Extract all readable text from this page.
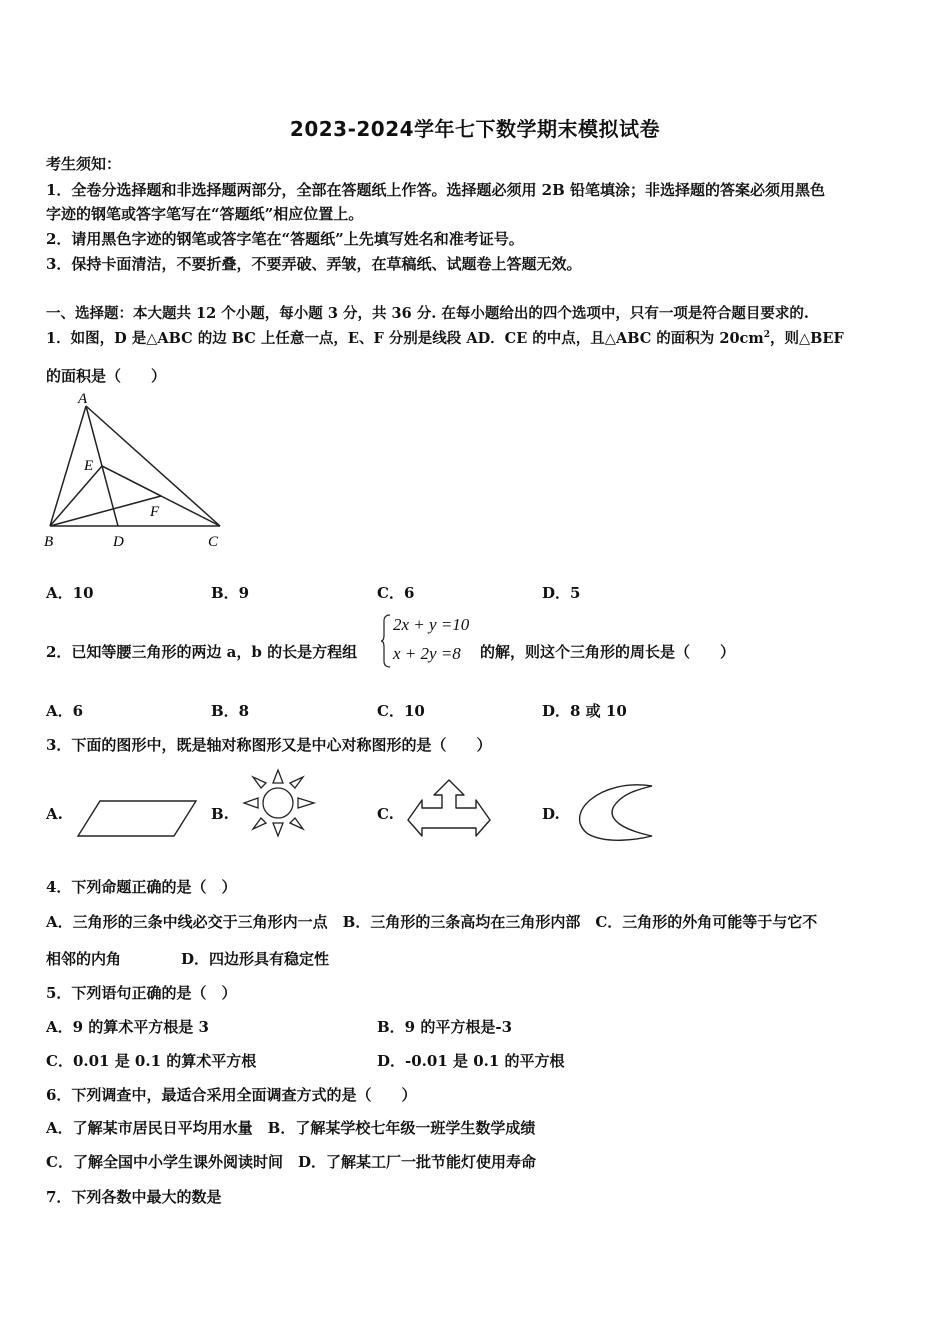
2023-2024学年七下数学期末模拟试卷
考生须知：
1．全卷分选择题和非选择题两部分，全部在答题纸上作答。选择题必须用 2B 铅笔填涂；非选择题的答案必须用黑色
字迹的钢笔或答字笔写在“答题纸”相应位置上。
2．请用黑色字迹的钢笔或答字笔在“答题纸”上先填写姓名和准考证号。
3．保持卡面清洁，不要折叠，不要弄破、弄皱，在草稿纸、试题卷上答题无效。
一、选择题：本大题共 12 个小题，每小题 3 分，共 36 分. 在每小题给出的四个选项中，只有一项是符合题目要求的.
1．如图，D 是△ABC 的边 BC 上任意一点，E、F 分别是线段 AD．CE 的中点，且△ABC 的面积为 $20cm^2$，则△BEF
的面积是（　　）
A
E
F
B	D	C
A．10	B．9	C．6	D．5
2．已知等腰三角形的两边 a，b 的长是方程组
2x + y =10
x + 2y =8 的解，则这个三角形的周长是（　　）
A．6	B．8	C．10	D．8 或 10
3．下面的图形中，既是轴对称图形又是中心对称图形的是（　　）
A.	B.	C.	D.
4．下列命题正确的是（　）
A．三角形的三条中线必交于三角形内一点　B．三角形的三条高均在三角形内部　C．三角形的外角可能等于与它不
相邻的内角　　　　D．四边形具有稳定性
5．下列语句正确的是（　）
A．9 的算术平方根是 3	B．9 的平方根是-3
C．0.01 是 0.1 的算术平方根	D．-0.01 是 0.1 的平方根
6．下列调查中，最适合采用全面调查方式的是（　　）
A．了解某市居民日平均用水量　B．了解某学校七年级一班学生数学成绩
C．了解全国中小学生课外阅读时间　D．了解某工厂一批节能灯使用寿命
7．下列各数中最大的数是
